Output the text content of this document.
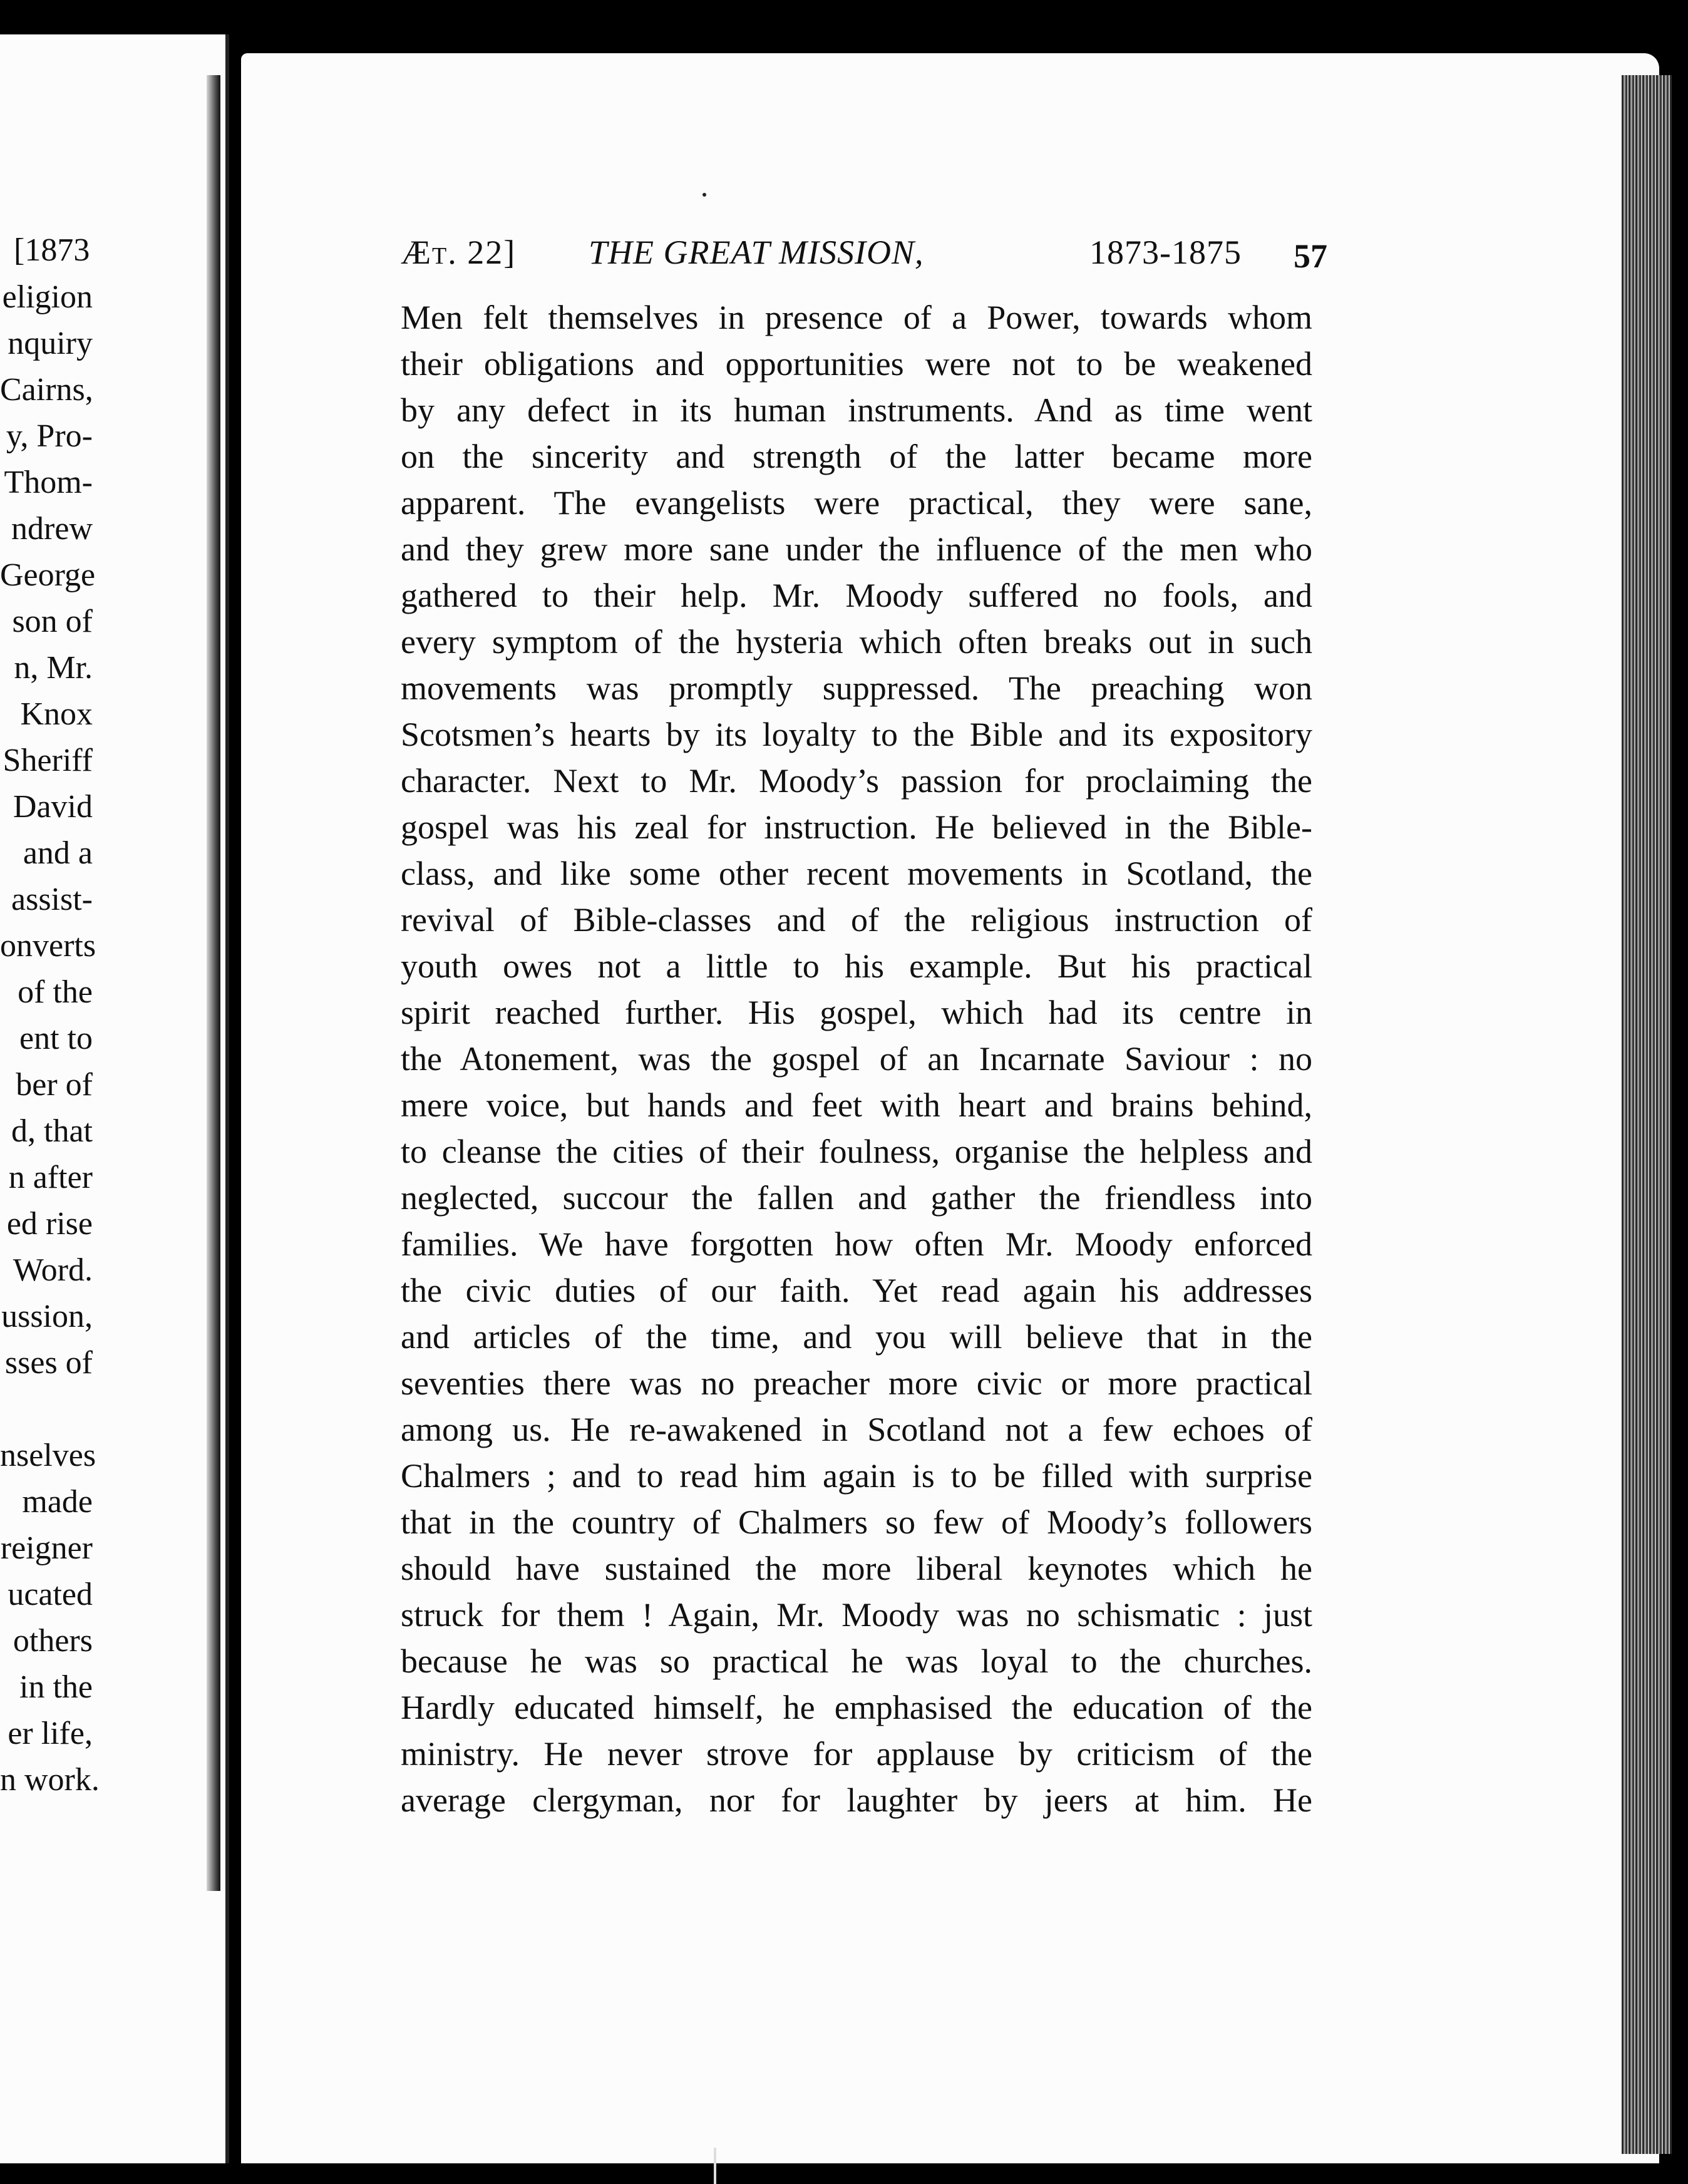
[1873
eligion
nquiry
Cairns,
y, Pro-
Thom-
ndrew
George
son of
n, Mr.
Knox
Sheriff
David
and a
assist-
onverts
of the
ent to
ber of
d, that
n after
ed rise
Word.
ussion,
sses of
nselves
made
reigner
ucated
others
in the
er life,
n work.
Æt. 22] THE GREAT MISSION,	1873-1875 57
Men felt themselves in presence of a Power, towards whom
their obligations and opportunities were not to be weakened
by any defect in its human instruments. And as time went
on the sincerity and strength of the latter became more
apparent. The evangelists were practical, they were sane,
and they grew more sane under the influence of the men who
gathered to their help. Mr. Moody suffered no fools, and
every symptom of the hysteria which often breaks out in such
movements was promptly suppressed. The preaching won
Scotsmen’s hearts by its loyalty to the Bible and its expository
character. Next to Mr. Moody’s passion for proclaiming the
gospel was his zeal for instruction. He believed in the Bible-
class, and like some other recent movements in Scotland, the
revival of Bible-classes and of the religious instruction of
youth owes not a little to his example. But his practical
spirit reached further. His gospel, which had its centre in
the Atonement, was the gospel of an Incarnate Saviour : no
mere voice, but hands and feet with heart and brains behind,
to cleanse the cities of their foulness, organise the helpless and
neglected, succour the fallen and gather the friendless into
families. We have forgotten how often Mr. Moody enforced
the civic duties of our faith. Yet read again his addresses
and articles of the time, and you will believe that in the
seventies there was no preacher more civic or more practical
among us. He re-awakened in Scotland not a few echoes of
Chalmers ; and to read him again is to be filled with surprise
that in the country of Chalmers so few of Moody’s followers
should have sustained the more liberal keynotes which he
struck for them ! Again, Mr. Moody was no schismatic : just
because he was so practical he was loyal to the churches.
Hardly educated himself, he emphasised the education of the
ministry. He never strove for applause by criticism of the
average clergyman, nor for laughter by jeers at him. He
